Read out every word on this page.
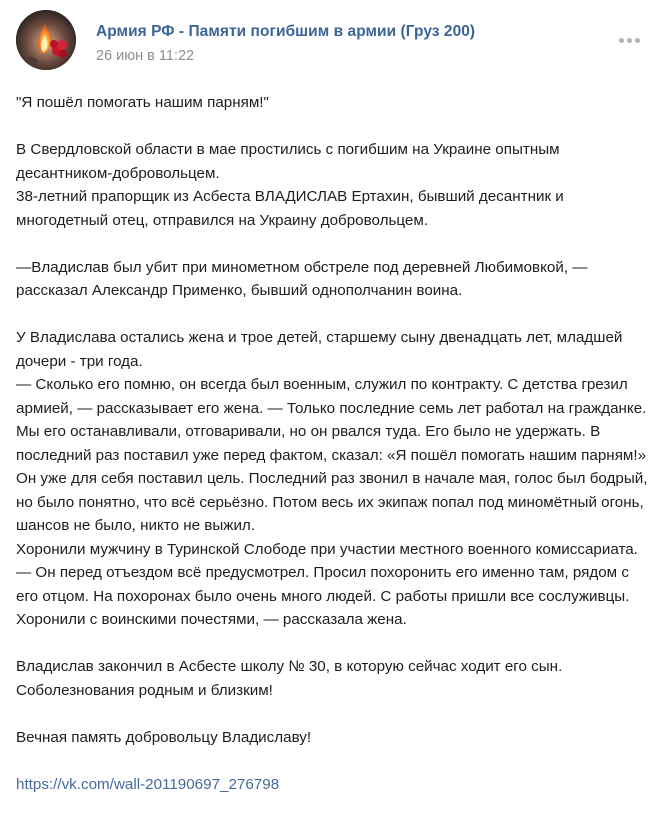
Армия РФ - Памяти погибшим в армии (Груз 200)
26 июн в 11:22

"Я пошёл помогать нашим парням!"

В Свердловской области в мае простились с погибшим на Украине опытным десантником-добровольцем.
38-летний прапорщик из Асбеста ВЛАДИСЛАВ Ертахин, бывший десантник и многодетный отец, отправился на Украину добровольцем.

—Владислав был убит при минометном обстреле под деревней Любимовкой, — рассказал Александр Применко, бывший однополчанин воина.

У Владислава остались жена и трое детей, старшему сыну двенадцать лет, младшей дочери - три года.
— Сколько его помню, он всегда был военным, служил по контракту. С детства грезил армией, — рассказывает его жена. — Только последние семь лет работал на гражданке. Мы его останавливали, отговаривали, но он рвался туда. Его было не удержать. В последний раз поставил уже перед фактом, сказал: «Я пошёл помогать нашим парням!» Он уже для себя поставил цель. Последний раз звонил в начале мая, голос был бодрый, но было понятно, что всё серьёзно. Потом весь их экипаж попал под миномётный огонь, шансов не было, никто не выжил.
Хоронили мужчину в Туринской Слободе при участии местного военного комиссариата.
— Он перед отъездом всё предусмотрел. Просил похоронить его именно там, рядом с его отцом. На похоронах было очень много людей. С работы пришли все сослуживцы. Хоронили с воинскими почестями, — рассказала жена.

Владислав закончил в Асбесте школу № 30, в которую сейчас ходит его сын. Соболезнования родным и близким!

Вечная память добровольцу Владиславу!

https://vk.com/wall-201190697_276798
